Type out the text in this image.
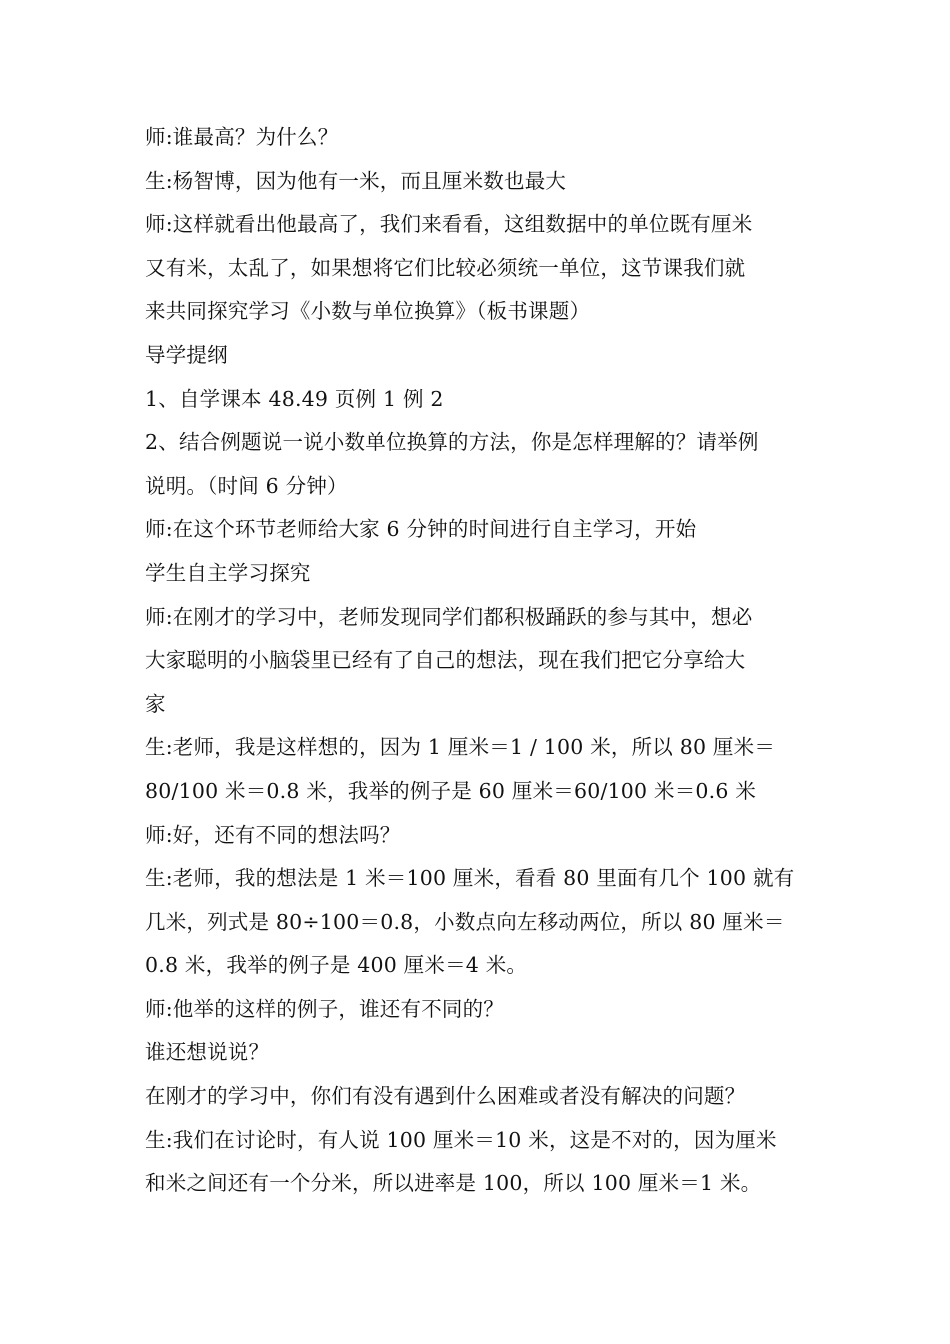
师:谁最高？为什么？
生:杨智博，因为他有一米，而且厘米数也最大
师:这样就看出他最高了，我们来看看，这组数据中的单位既有厘米
又有米，太乱了，如果想将它们比较必须统一单位，这节课我们就
来共同探究学习《小数与单位换算》（板书课题）
导学提纲
1、自学课本 48.49 页例 1 例 2
2、结合例题说一说小数单位换算的方法，你是怎样理解的？请举例
说明。（时间 6 分钟）
师:在这个环节老师给大家 6 分钟的时间进行自主学习，开始
学生自主学习探究
师:在刚才的学习中，老师发现同学们都积极踊跃的参与其中，想必
大家聪明的小脑袋里已经有了自己的想法，现在我们把它分享给大
家
生:老师，我是这样想的，因为 1 厘米＝1 / 100 米，所以 80 厘米＝
80/100 米＝0.8 米，我举的例子是 60 厘米＝60/100 米＝0.6 米
师:好，还有不同的想法吗？
生:老师，我的想法是 1 米＝100 厘米，看看 80 里面有几个 100 就有
几米，列式是 80÷100＝0.8，小数点向左移动两位，所以 80 厘米＝
0.8 米，我举的例子是 400 厘米＝4 米。
师:他举的这样的例子，谁还有不同的？
谁还想说说？
在刚才的学习中，你们有没有遇到什么困难或者没有解决的问题？
生:我们在讨论时，有人说 100 厘米＝10 米，这是不对的，因为厘米
和米之间还有一个分米，所以进率是 100，所以 100 厘米＝1 米。
